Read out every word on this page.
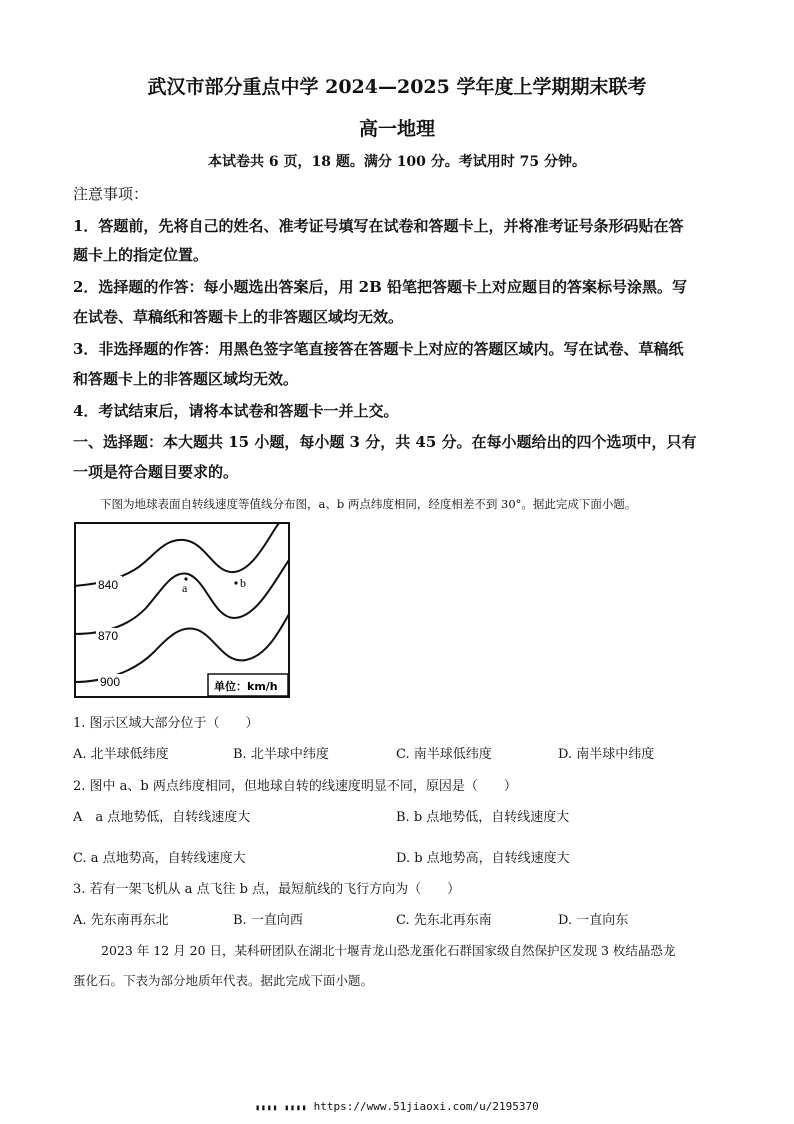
武汉市部分重点中学 2024—2025 学年度上学期期末联考
高一地理
本试卷共 6 页，18 题。满分 100 分。考试用时 75 分钟。
注意事项：
1．答题前，先将自己的姓名、准考证号填写在试卷和答题卡上，并将准考证号条形码贴在答
题卡上的指定位置。
2．选择题的作答：每小题选出答案后，用 2B 铅笔把答题卡上对应题目的答案标号涂黑。写
在试卷、草稿纸和答题卡上的非答题区域均无效。
3．非选择题的作答：用黑色签字笔直接答在答题卡上对应的答题区域内。写在试卷、草稿纸
和答题卡上的非答题区域均无效。
4．考试结束后，请将本试卷和答题卡一并上交。
一、选择题：本大题共 15 小题，每小题 3 分，共 45 分。在每小题给出的四个选项中，只有
一项是符合题目要求的。
下图为地球表面自转线速度等值线分布图，a、b 两点纬度相同，经度相差不到 30°。据此完成下面小题。
840
870
900
a	b
单位：km/h
1. 图示区域大部分位于（　　）
A. 北半球低纬度	B. 北半球中纬度	C. 南半球低纬度	D. 南半球中纬度
2. 图中 a、b 两点纬度相同，但地球自转的线速度明显不同，原因是（　　）
A　a 点地势低，自转线速度大	B. b 点地势低，自转线速度大
C. a 点地势高，自转线速度大	D. b 点地势高，自转线速度大
3. 若有一架飞机从 a 点飞往 b 点，最短航线的飞行方向为（　　）
A. 先东南再东北	B. 一直向西	C. 先东北再东南	D. 一直向东
2023 年 12 月 20 日，某科研团队在湖北十堰青龙山恐龙蛋化石群国家级自然保护区发现 3 枚结晶恐龙
蛋化石。下表为部分地质年代表。据此完成下面小题。
▮▮▮▮ ▮▮▮▮ https://www.51jiaoxi.com/u/2195370
